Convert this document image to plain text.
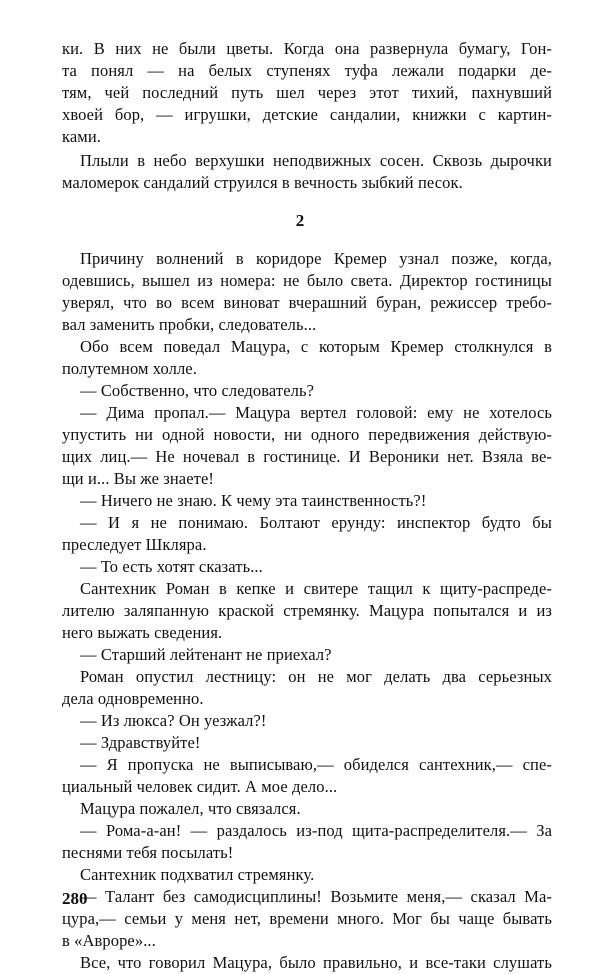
ки. В них не были цветы. Когда она развернула бумагу, Гон-
та понял — на белых ступенях туфа лежали подарки де-
тям, чей последний путь шел через этот тихий, пахнувший
хвоей бор, — игрушки, детские сандалии, книжки с картин-
ками.
Плыли в небо верхушки неподвижных сосен. Сквозь дырочки
маломерок сандалий струился в вечность зыбкий песок.
2
Причину волнений в коридоре Кремер узнал позже, когда,
одевшись, вышел из номера: не было света. Директор гостиницы
уверял, что во всем виноват вчерашний буран, режиссер требо-
вал заменить пробки, следователь...
Обо всем поведал Мацура, с которым Кремер столкнулся в
полутемном холле.
— Собственно, что следователь?
— Дима пропал.— Мацура вертел головой: ему не хотелось
упустить ни одной новости, ни одного передвижения действую-
щих лиц.— Не ночевал в гостинице. И Вероники нет. Взяла ве-
щи и... Вы же знаете!
— Ничего не знаю. К чему эта таинственность?!
— И я не понимаю. Болтают ерунду: инспектор будто бы
преследует Шкляра.
— То есть хотят сказать...
Сантехник Роман в кепке и свитере тащил к щиту-распреде-
лителю заляпанную краской стремянку. Мацура попытался и из
него выжать сведения.
— Старший лейтенант не приехал?
Роман опустил лестницу: он не мог делать два серьезных
дела одновременно.
— Из люкса? Он уезжал?!
— Здравствуйте!
— Я пропуска не выписываю,— обиделся сантехник,— спе-
циальный человек сидит. А мое дело...
Мацура пожалел, что связался.
— Рома-а-ан! — раздалось из-под щита-распределителя.— За
песнями тебя посылать!
Сантехник подхватил стремянку.
— Талант без самодисциплины! Возьмите меня,— сказал Ма-
цура,— семьи у меня нет, времени много. Мог бы чаще бывать
в «Авроре»...
Все, что говорил Мацура, было правильно, и все-таки слушать
280
